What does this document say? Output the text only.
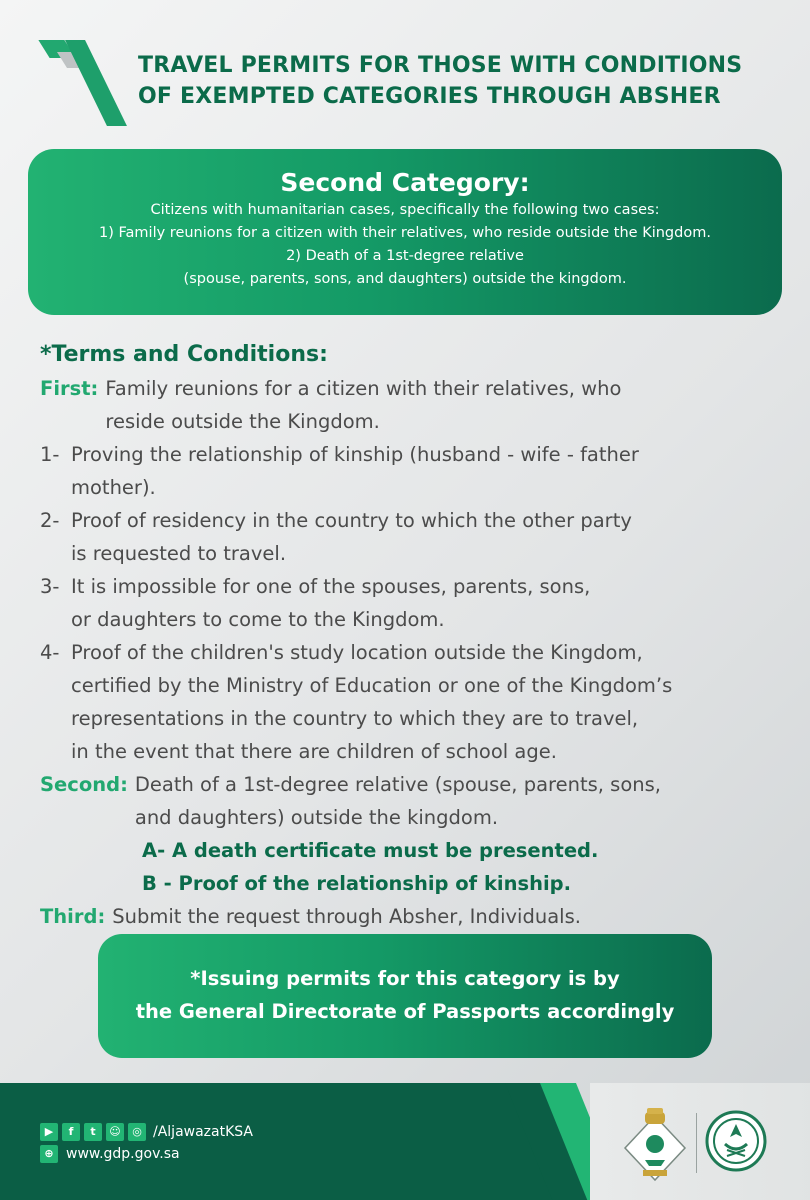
TRAVEL PERMITS FOR THOSE WITH CONDITIONS
OF EXEMPTED CATEGORIES THROUGH ABSHER
Second Category:
Citizens with humanitarian cases, specifically the following two cases:
1) Family reunions for a citizen with their relatives, who reside outside the Kingdom.
2) Death of a 1st-degree relative
(spouse, parents, sons, and daughters) outside the kingdom.
*Terms and Conditions:
First: Family reunions for a citizen with their relatives, who
reside outside the Kingdom.
1- Proving the relationship of kinship (husband - wife - father
mother).
2- Proof of residency in the country to which the other party
is requested to travel.
3- It is impossible for one of the spouses, parents, sons,
or daughters to come to the Kingdom.
4- Proof of the children's study location outside the Kingdom,
certified by the Ministry of Education or one of the Kingdom’s
representations in the country to which they are to travel,
in the event that there are children of school age.
Second: Death of a 1st-degree relative (spouse, parents, sons,
and daughters) outside the kingdom.
A- A death certificate must be presented.
B - Proof of the relationship of kinship.
Third: Submit the request through Absher, Individuals.
*Issuing permits for this category is by
the General Directorate of Passports accordingly
▶	f	t	☺	◎ /AljawazatKSA
⊕ www.gdp.gov.sa
